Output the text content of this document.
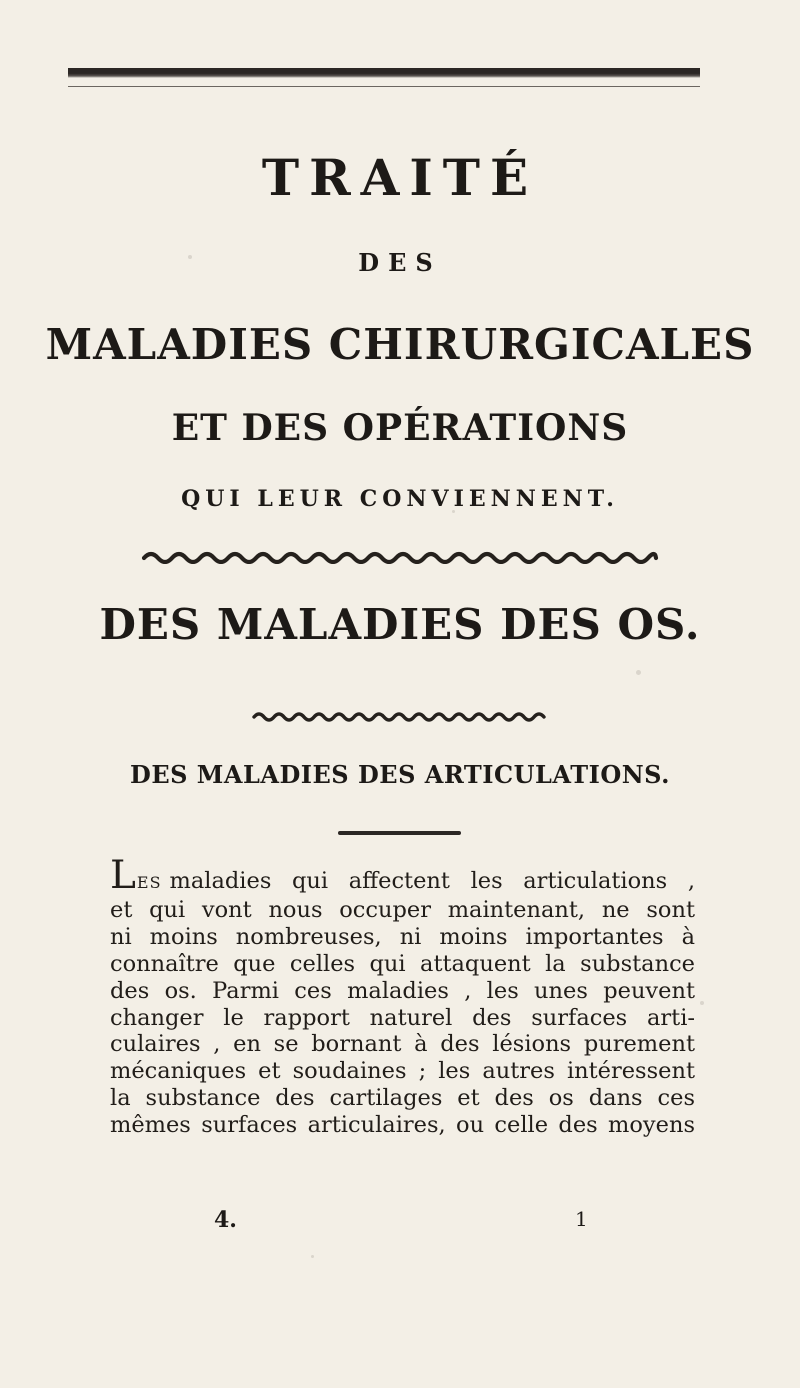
TRAITÉ
DES
MALADIES CHIRURGICALES
ET DES OPÉRATIONS
QUI LEUR CONVIENNENT.
DES MALADIES DES OS.
DES MALADIES DES ARTICULATIONS.
L ES maladies qui affectent les articulations ,
et qui vont nous occuper maintenant, ne sont
ni moins nombreuses, ni moins importantes à
connaître que celles qui attaquent la substance
des os. Parmi ces maladies , les unes peuvent
changer le rapport naturel des surfaces arti-
culaires , en se bornant à des lésions purement
mécaniques et soudaines ; les autres intéressent
la substance des cartilages et des os dans ces
mêmes surfaces articulaires, ou celle des moyens
4.	1
